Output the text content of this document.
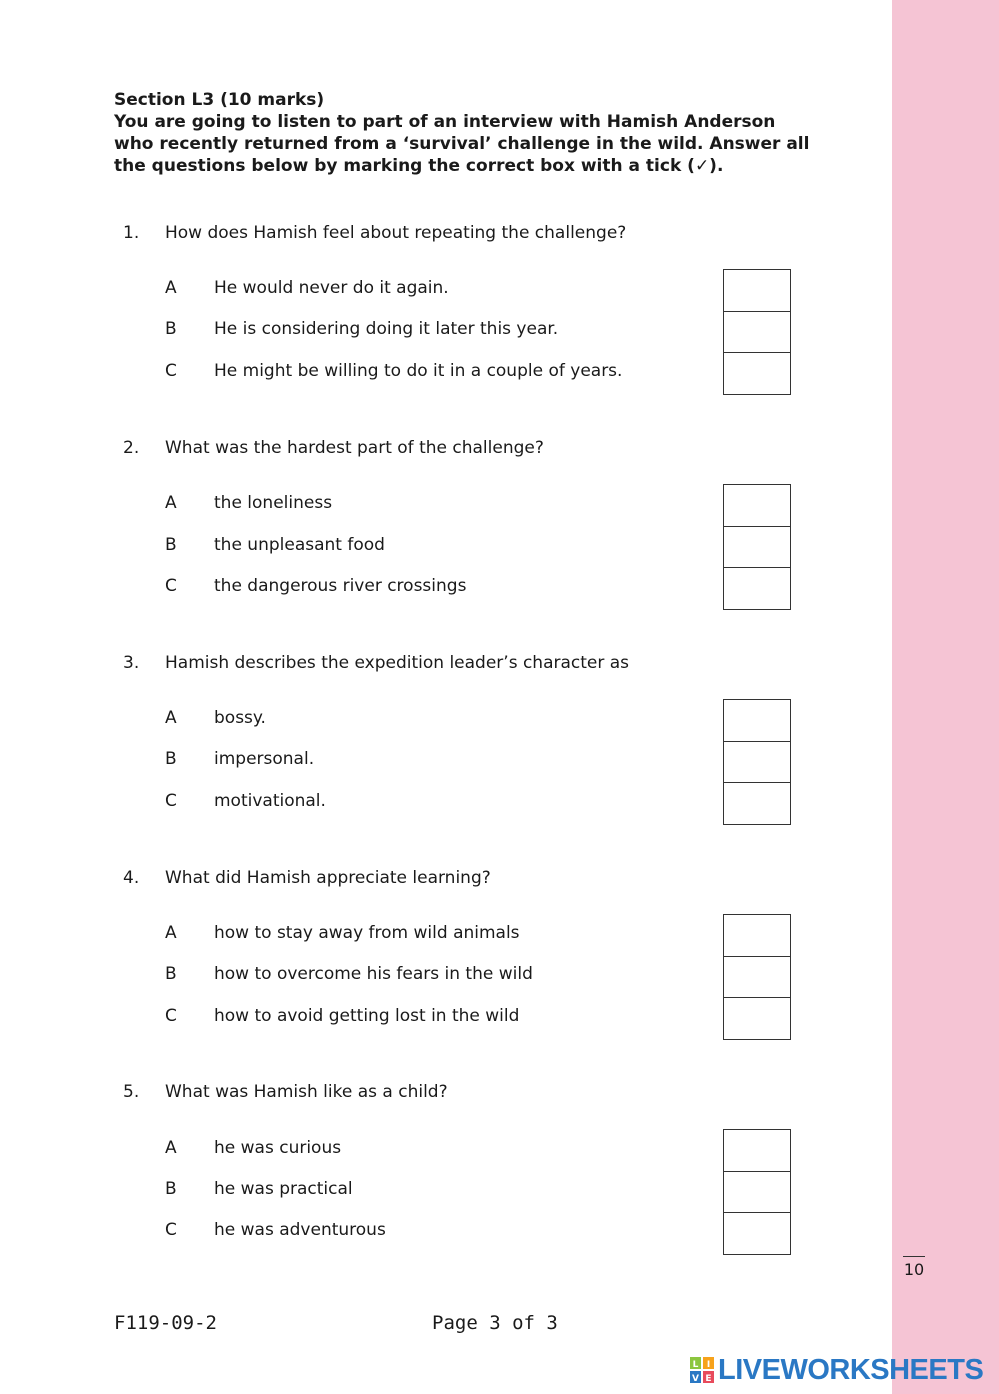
Section L3 (10 marks)

You are going to listen to part of an interview with Hamish Anderson who recently returned from a ‘survival’ challenge in the wild. Answer all the questions below by marking the correct box with a tick (✓).

1. How does Hamish feel about repeating the challenge?
A He would never do it again.
B He is considering doing it later this year.
C He might be willing to do it in a couple of years.
2. What was the hardest part of the challenge?
A the loneliness
B the unpleasant food
C the dangerous river crossings
3. Hamish describes the expedition leader’s character as
A bossy.
B impersonal.
C motivational.
4. What did Hamish appreciate learning?
A how to stay away from wild animals
B how to overcome his fears in the wild
C how to avoid getting lost in the wild
5. What was Hamish like as a child?
A he was curious
B he was practical
C he was adventurous
10
F119-09-2	Page 3 of 3
L I
V E LIVEWORKSHEETS
